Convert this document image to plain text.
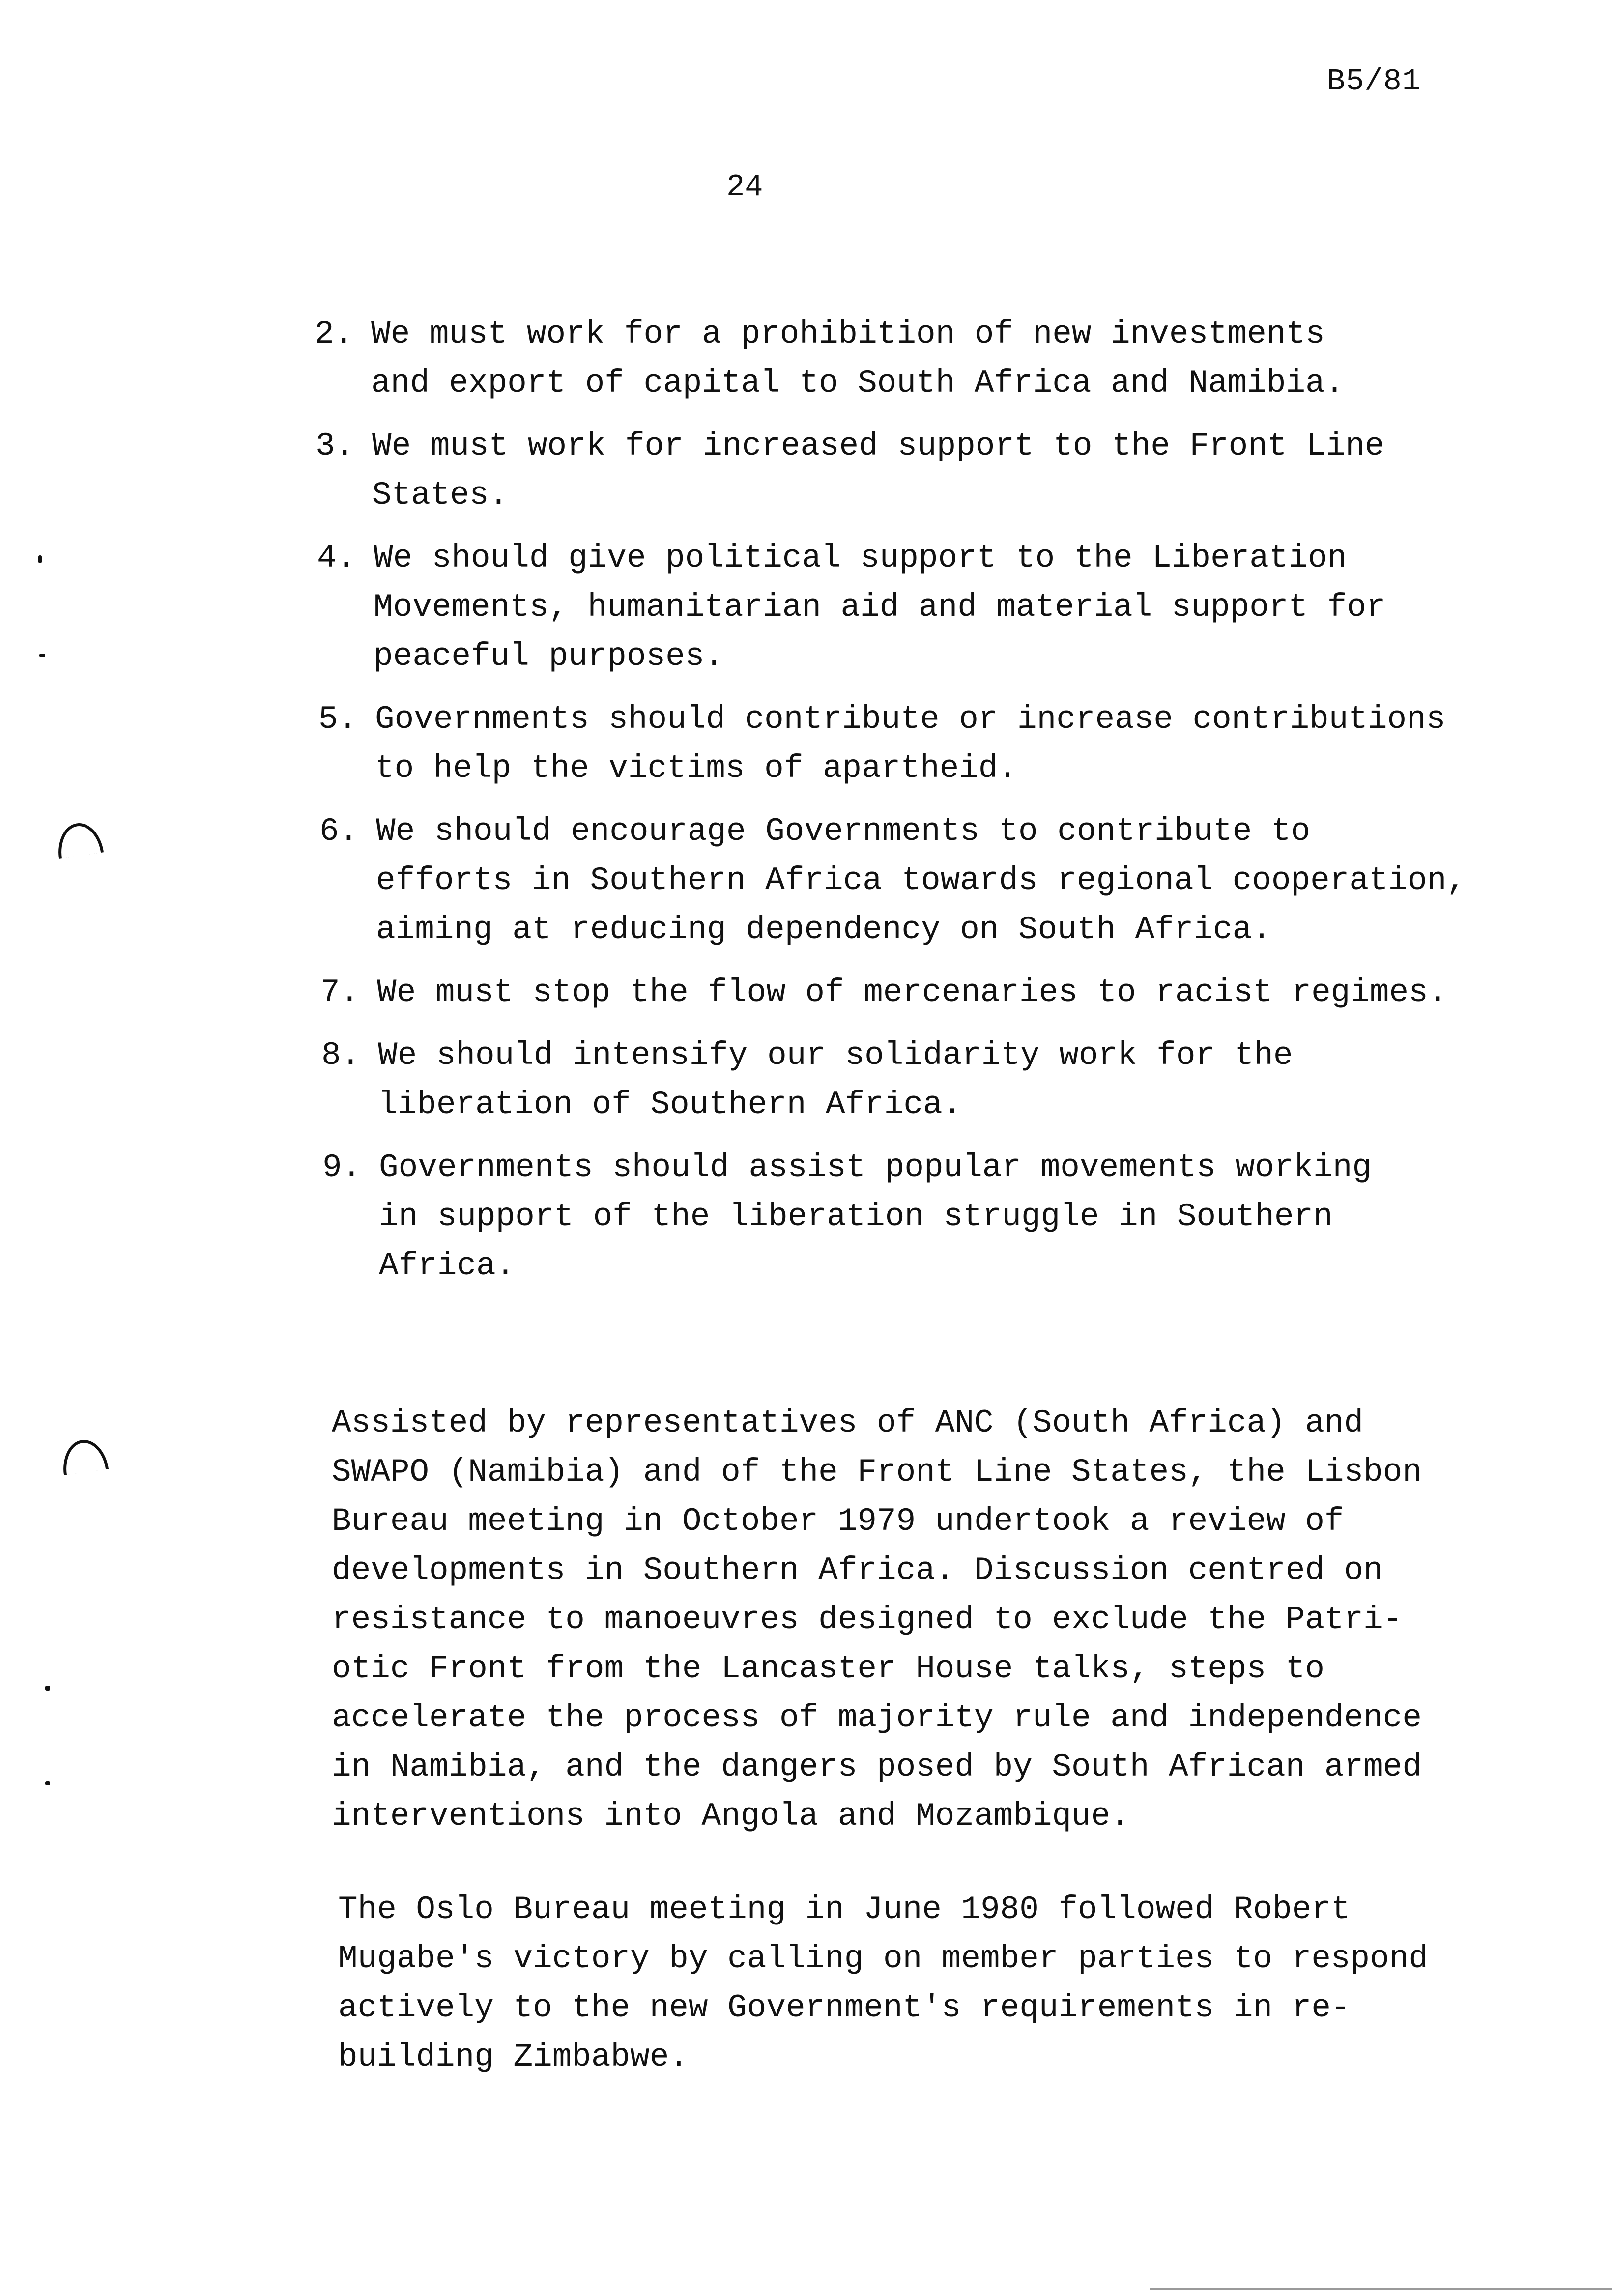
B5/81
24
2. We must work for a prohibition of new investments
and export of capital to South Africa and Namibia.
3. We must work for increased support to the Front Line
States.
4. We should give political support to the Liberation
Movements, humanitarian aid and material support for
peaceful purposes.
5. Governments should contribute or increase contributions
to help the victims of apartheid.
6. We should encourage Governments to contribute to
efforts in Southern Africa towards regional cooperation,
aiming at reducing dependency on South Africa.
7. We must stop the flow of mercenaries to racist regimes.
8. We should intensify our solidarity work for the
liberation of Southern Africa.
9. Governments should assist popular movements working
in support of the liberation struggle in Southern
Africa.

Assisted by representatives of ANC (South Africa) and
SWAPO (Namibia) and of the Front Line States, the Lisbon
Bureau meeting in October 1979 undertook a review of
developments in Southern Africa. Discussion centred on
resistance to manoeuvres designed to exclude the Patri-
otic Front from the Lancaster House talks, steps to
accelerate the process of majority rule and independence
in Namibia, and the dangers posed by South African armed
interventions into Angola and Mozambique.

The Oslo Bureau meeting in June 1980 followed Robert
Mugabe's victory by calling on member parties to respond
actively to the new Government's requirements in re-
building Zimbabwe.
